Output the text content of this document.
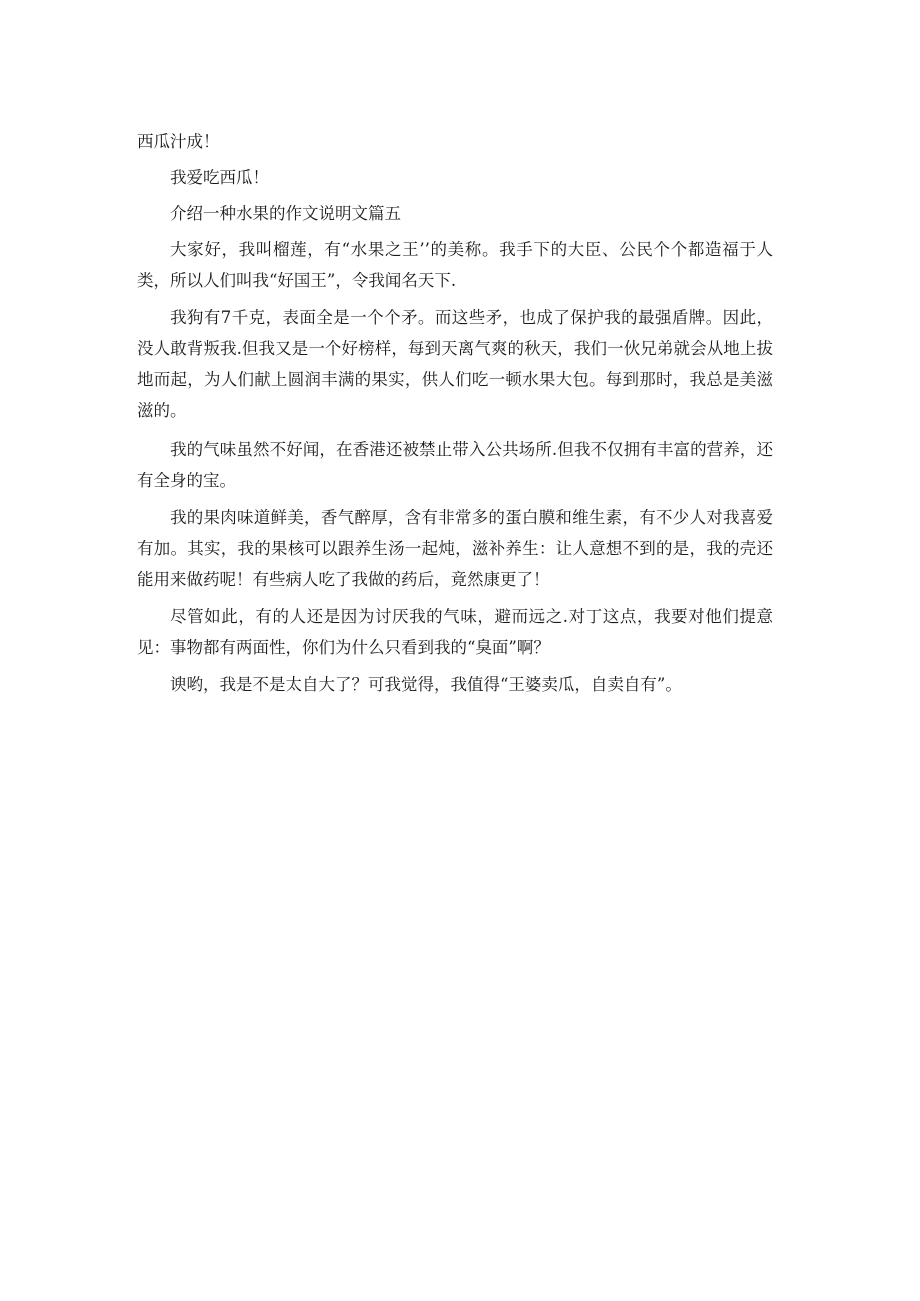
西瓜汁成！

我爱吃西瓜！

介绍一种水果的作文说明文篇五

大家好，我叫榴莲，有“水果之王’’的美称。我手下的大臣、公民个个都造福于人类，所以人们叫我“好国王”，令我闻名天下.

我狗有7千克，表面全是一个个矛。而这些矛，也成了保护我的最强盾牌。因此，没人敢背叛我.但我又是一个好榜样，每到天离气爽的秋天，我们一伙兄弟就会从地上拔地而起，为人们献上圆润丰满的果实，供人们吃一顿水果大包。每到那时，我总是美滋滋的。

我的气味虽然不好闻，在香港还被禁止带入公共场所.但我不仅拥有丰富的营养，还有全身的宝。

我的果肉味道鲜美，香气醉厚，含有非常多的蛋白膜和维生素，有不少人对我喜爱有加。其实，我的果核可以跟养生汤一起炖，滋补养生：让人意想不到的是，我的壳还能用来做药呢！有些病人吃了我做的药后，竟然康更了！

尽管如此，有的人还是因为讨厌我的气味，避而远之.对丁这点，我要对他们提意见：事物都有两面性，你们为什么只看到我的“臭面”啊？

谀哟，我是不是太自大了？可我觉得，我值得“王婆卖瓜，自卖自有”。
